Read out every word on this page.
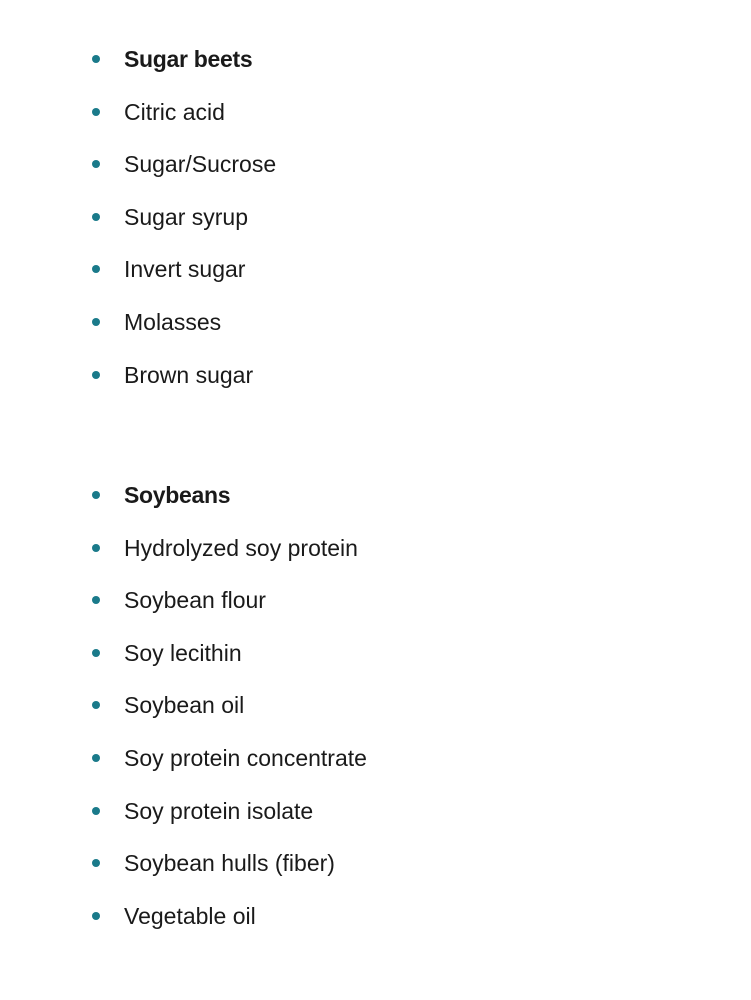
Sugar beets
Citric acid
Sugar/Sucrose
Sugar syrup
Invert sugar
Molasses
Brown sugar
Soybeans
Hydrolyzed soy protein
Soybean flour
Soy lecithin
Soybean oil
Soy protein concentrate
Soy protein isolate
Soybean hulls (fiber)
Vegetable oil
